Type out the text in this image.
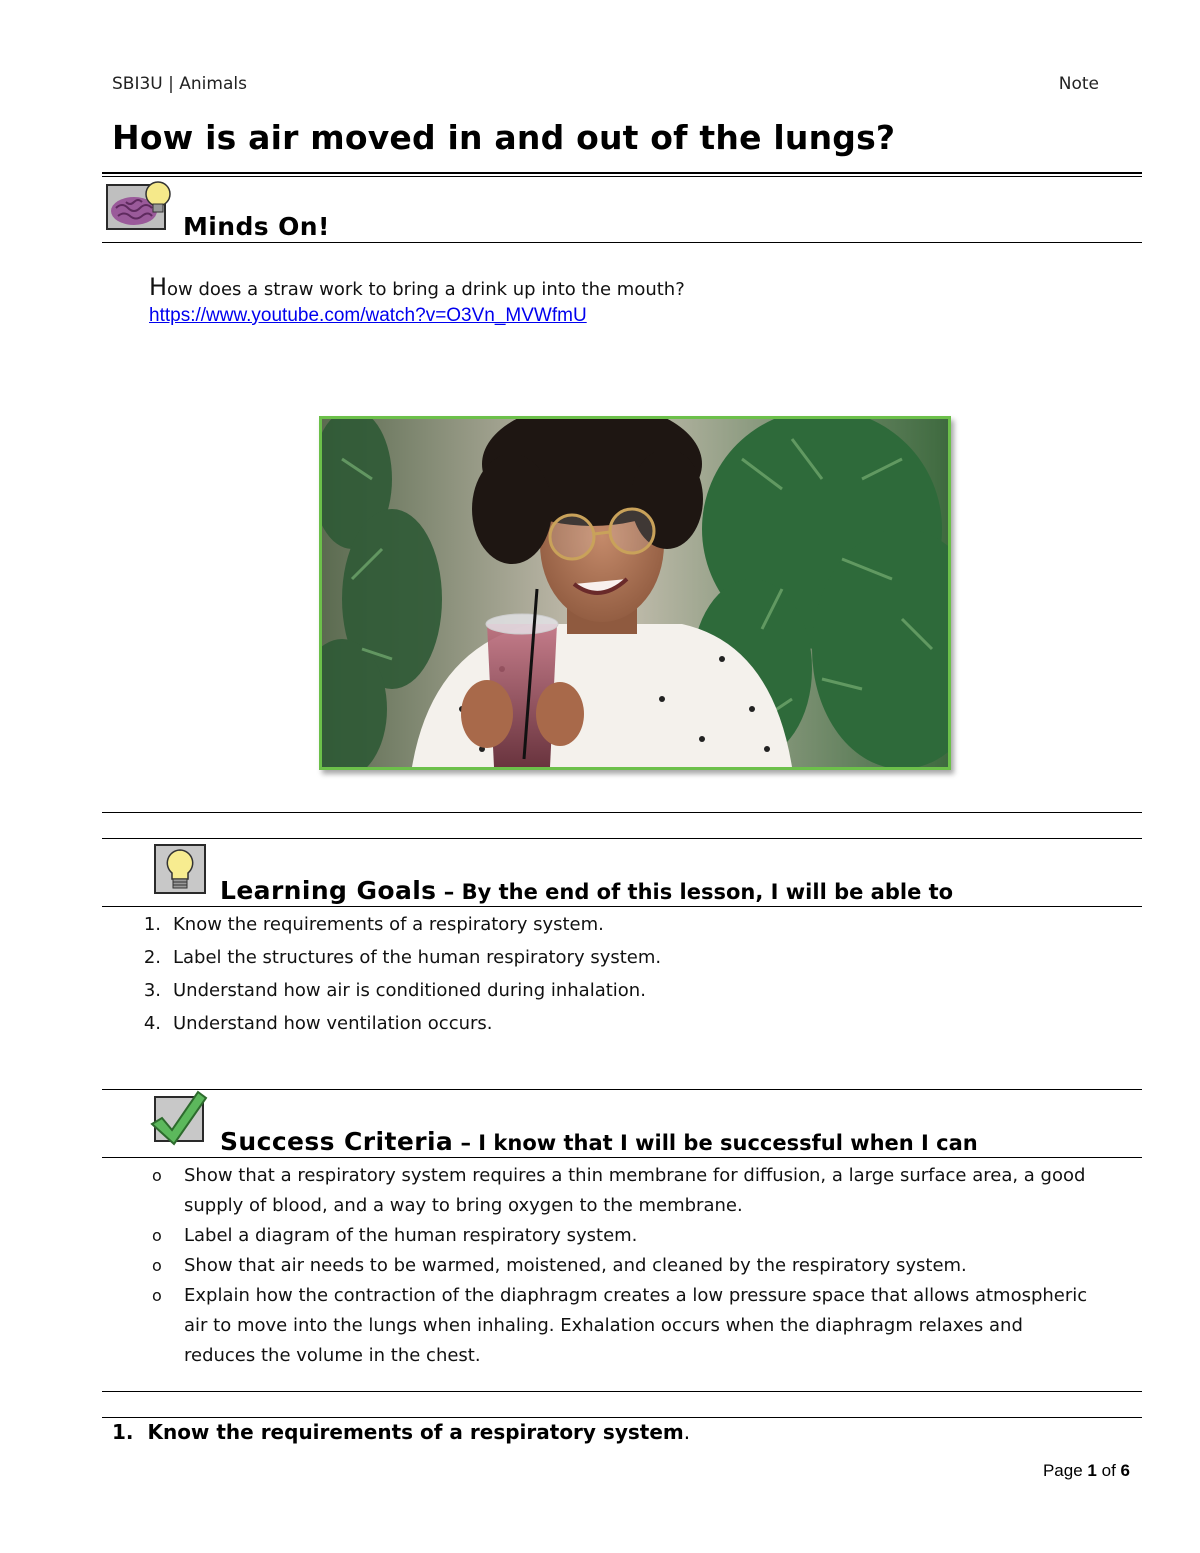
SBI3U | Animals	Note
How is air moved in and out of the lungs?
Minds On!
How does a straw work to bring a drink up into the mouth?
https://www.youtube.com/watch?v=O3Vn_MVWfmU
Learning Goals – By the end of this lesson, I will be able to
1. Know the requirements of a respiratory system.
2. Label the structures of the human respiratory system.
3. Understand how air is conditioned during inhalation.
4. Understand how ventilation occurs.
Success Criteria – I know that I will be successful when I can
o	Show that a respiratory system requires a thin membrane for diffusion, a large surface area, a good supply of blood, and a way to bring oxygen to the membrane.
o	Label a diagram of the human respiratory system.
o	Show that air needs to be warmed, moistened, and cleaned by the respiratory system.
o	Explain how the contraction of the diaphragm creates a low pressure space that allows atmospheric air to move into the lungs when inhaling. Exhalation occurs when the diaphragm relaxes and reduces the volume in the chest.
1. Know the requirements of a respiratory system.
Page 1 of 6
